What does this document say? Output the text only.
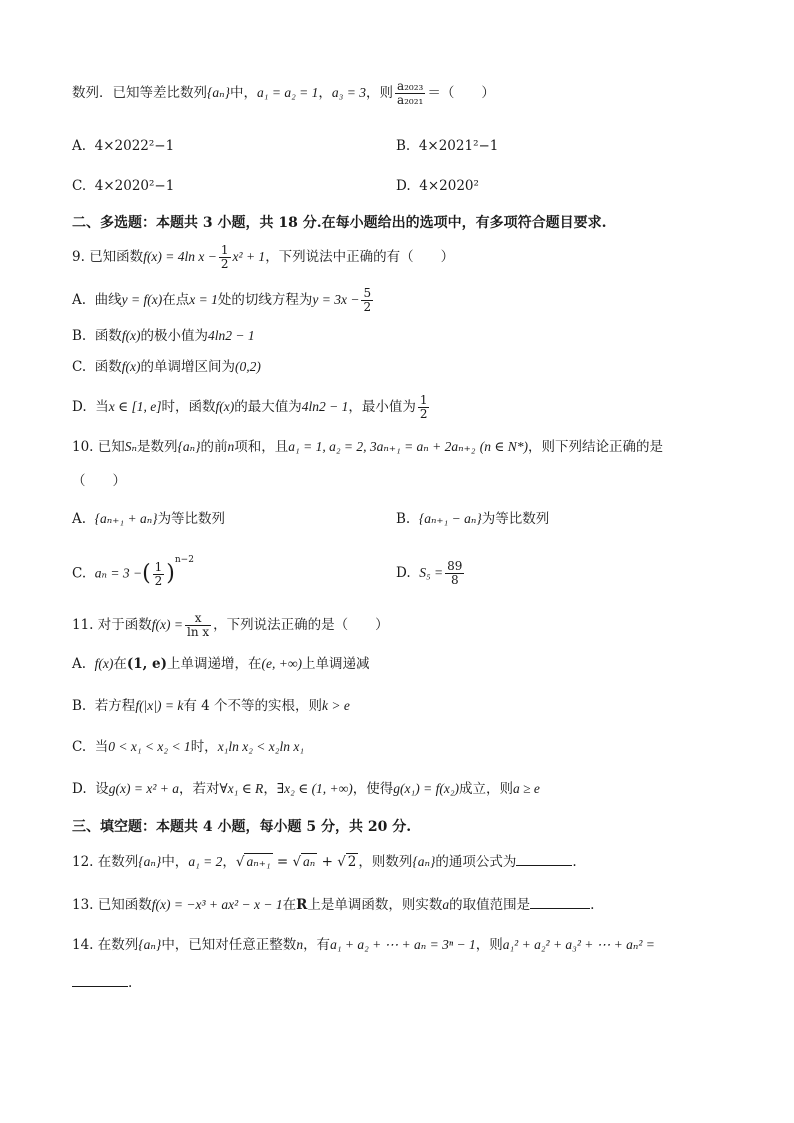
数列．已知等差比数列{aₙ}中，a₁ = a₂ = 1，a₃ = 3，则 $\frac{\text{a₂₀₂₃}}{\text{a₂₀₂₁}}$ ＝（　　）
A. 4×2022²−1	B. 4×2021²−1
C. 4×2020²−1	D. 4×2020²
二、多选题：本题共 3 小题，共 18 分.在每小题给出的选项中，有多项符合题目要求.
9. 已知函数f(x) = 4ln $x - \frac{1}{2} x^2 + 1$，下列说法中正确的有（　　）
A. 曲线y = f(x)在点x = 1处的切线方程为$y = 3x - \frac{5}{2}$
B. 函数f(x)的极小值为4ln2 − 1
C. 函数f(x)的单调增区间为(0,2)
D. 当x ∈ [1, e]时，函数f(x)的最大值为4ln2 − 1，最小值为 $\frac{1}{2}$
10. 已知Sₙ是数列{aₙ}的前n项和，且a₁ = 1, a₂ = 2, 3aₙ₊₁ = aₙ + 2aₙ₊₂ (n ∈ N*)，则下列结论正确的是
（　　）
A. {aₙ₊₁ + aₙ}为等比数列	B. {aₙ₊₁ − aₙ}为等比数列
C. aₙ = 3 −( $\frac{1}{2} )^{n-2}$
D. $S_5 = \frac{89}{8}$
11. 对于函数$f(x) = \frac{x}{\text{ln x}}$ ，下列说法正确的是（　　）
A. f(x)在(1, e)上单调递增，在(e, +∞)上单调递减
B. 若方程f(|x|) = k有 4 个不等的实根，则k > e
C. 当0 < x₁ < x₂ < 1时，x₁ln x₂ < x₂ln x₁
D. 设g(x) = x² + a，若对∀x₁ ∈ R，∃x₂ ∈ (1, +∞)，使得g(x₁) = f(x₂)成立，则a ≥ e
三、填空题：本题共 4 小题，每小题 5 分，共 20 分.
12. 在数列{aₙ}中，a₁ = 2，√ aₙ₊₁ = √ aₙ + √ 2 ，则数列{aₙ}的通项公式为	.
13. 已知函数f(x) = −x³ + ax² − x − 1在R上是单调函数，则实数a的取值范围是	.
14. 在数列{aₙ}中，已知对任意正整数n，有a₁ + a₂ + ⋯ + aₙ = 3ⁿ − 1，则a₁² + a₂² + a₃² + ⋯ + aₙ² =
.
